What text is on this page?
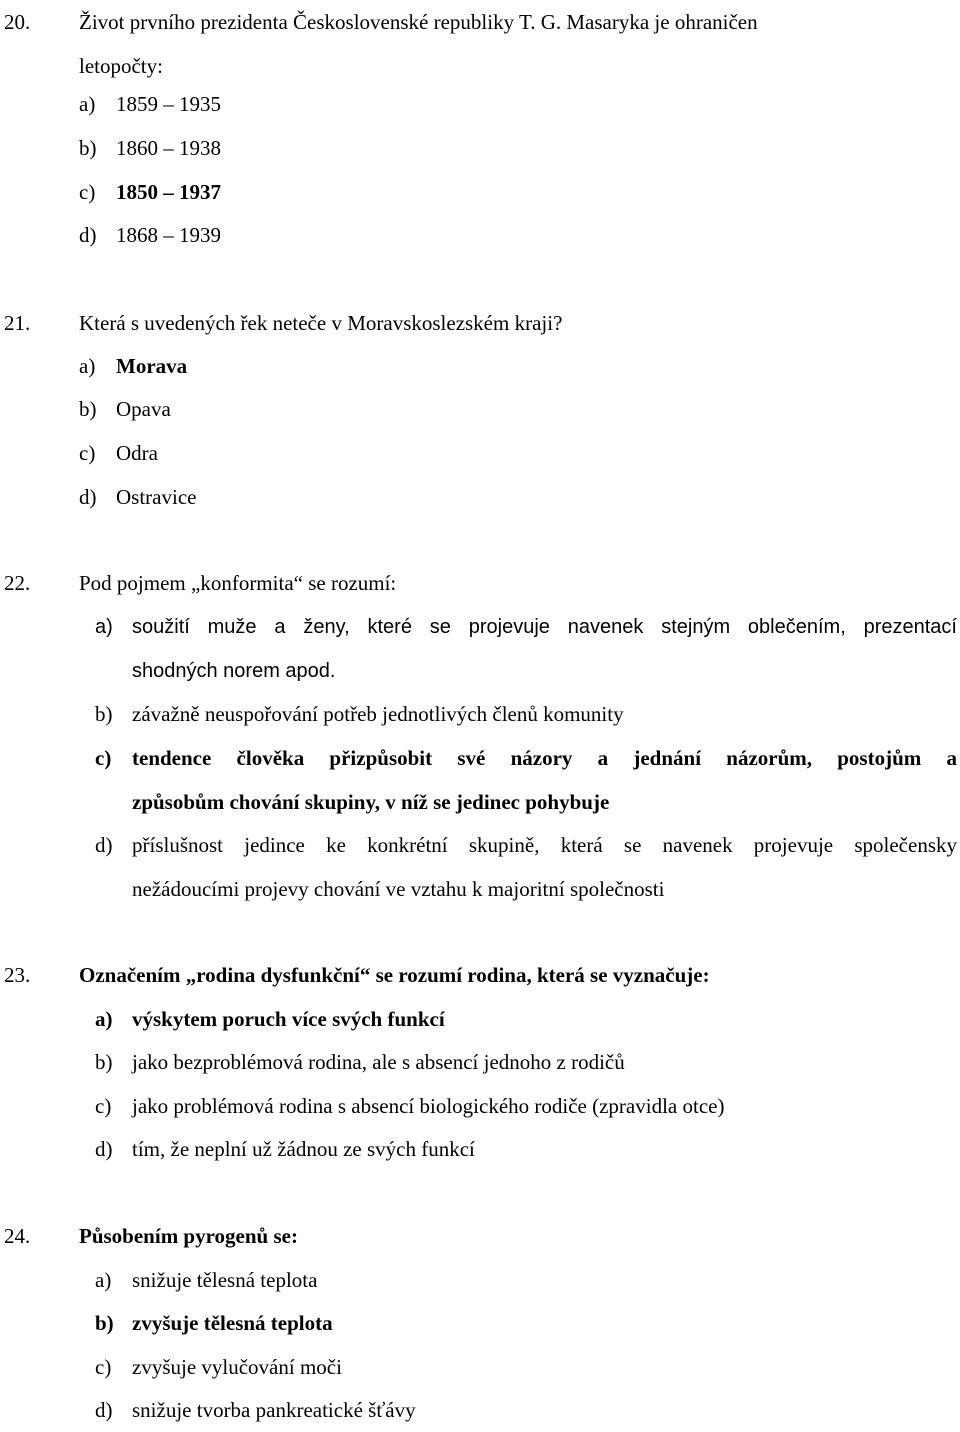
20. Život prvního prezidenta Československé republiky T. G. Masaryka je ohraničen
letopočty:
a) 1859 – 1935
b) 1860 – 1938
c) 1850 – 1937
d) 1868 – 1939
21. Která s uvedených řek neteče v Moravskoslezském kraji?
a) Morava
b) Opava
c) Odra
d) Ostravice
22. Pod pojmem „konformita“ se rozumí:
a) soužití muže a ženy, které se projevuje navenek stejným oblečením, prezentací
shodných norem apod.
b) závažně neuspořování potřeb jednotlivých členů komunity
c) tendence člověka přizpůsobit své názory a jednání názorům, postojům a
způsobům chování skupiny, v níž se jedinec pohybuje
d) příslušnost jedince ke konkrétní skupině, která se navenek projevuje společensky
nežádoucími projevy chování ve vztahu k majoritní společnosti
23. Označením „rodina dysfunkční“ se rozumí rodina, která se vyznačuje:
a) výskytem poruch více svých funkcí
b) jako bezproblémová rodina, ale s absencí jednoho z rodičů
c) jako problémová rodina s absencí biologického rodiče (zpravidla otce)
d) tím, že neplní už žádnou ze svých funkcí
24. Působením pyrogenů se:
a) snižuje tělesná teplota
b) zvyšuje tělesná teplota
c) zvyšuje vylučování moči
d) snižuje tvorba pankreatické šťávy
